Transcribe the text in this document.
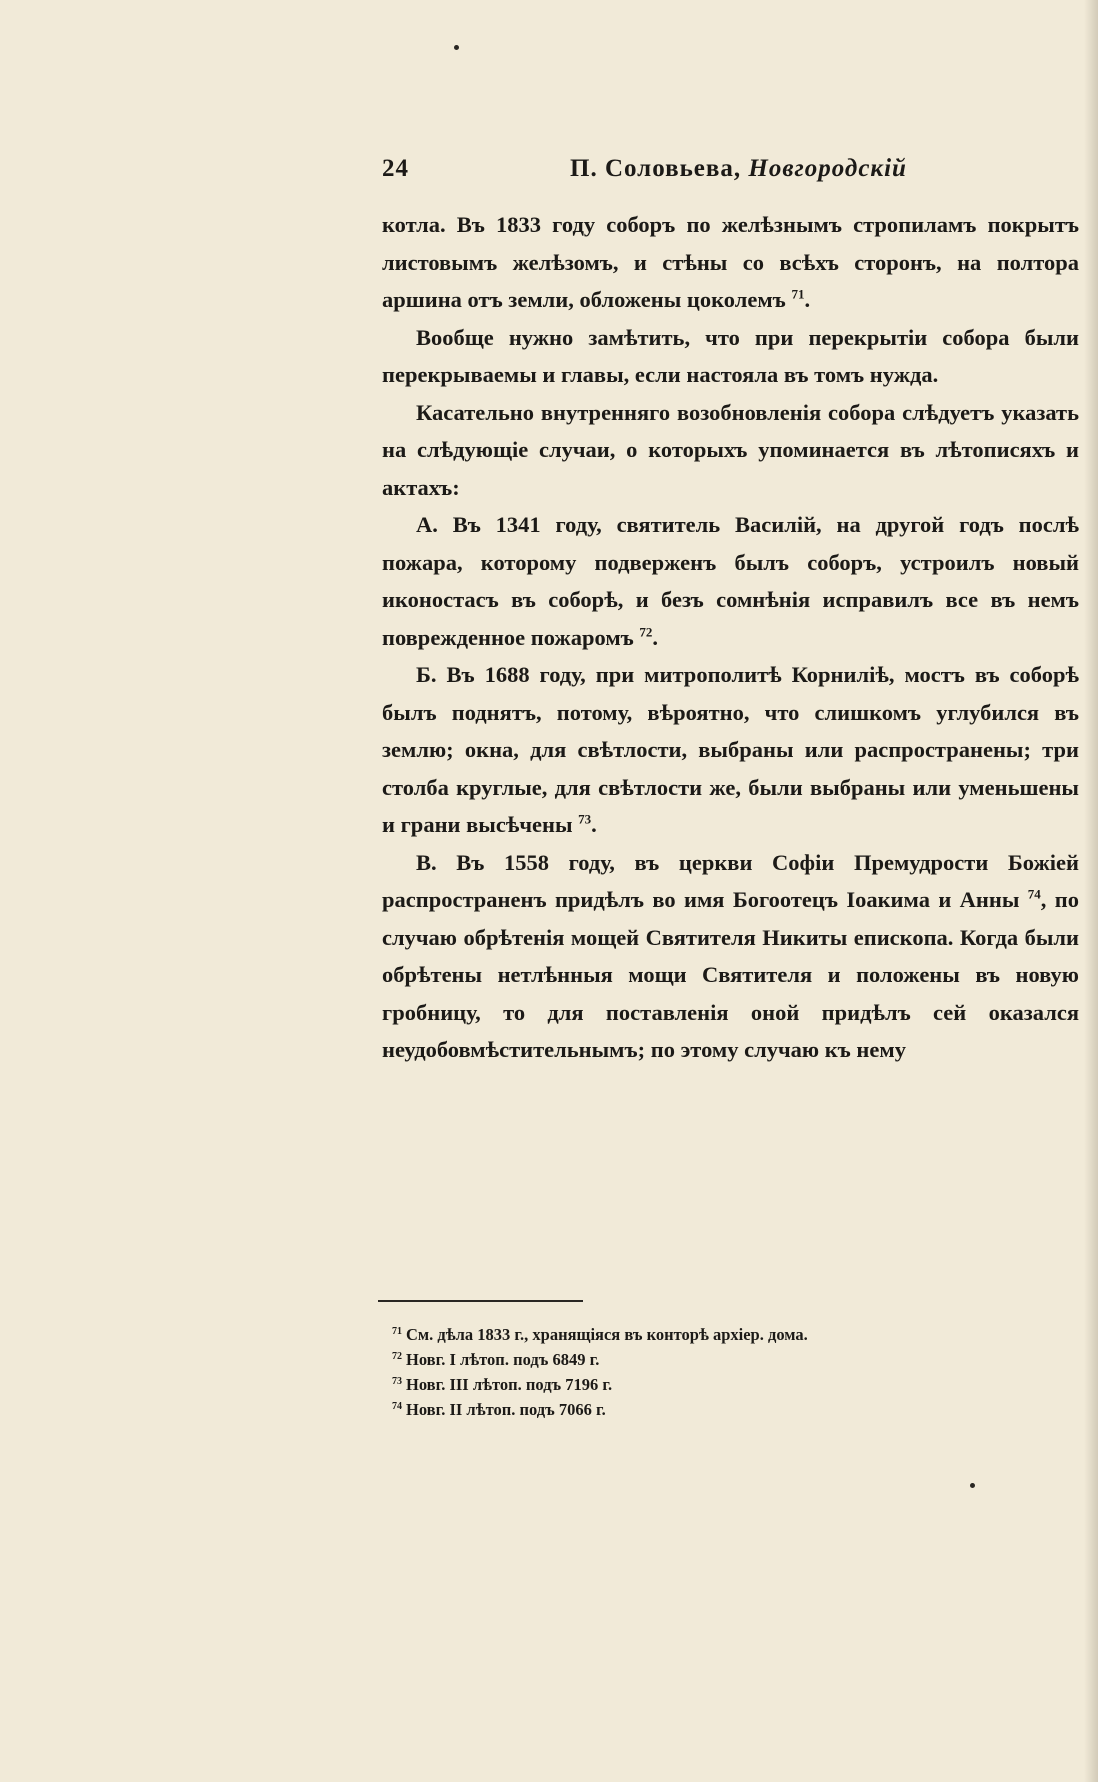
24	П. Соловьева, Новгородскій

котла. Въ 1833 году соборъ по желѣзнымъ стропиламъ покрытъ листовымъ желѣзомъ, и стѣны со всѣхъ сторонъ, на полтора аршина отъ земли, обложены цоколемъ $^{71}$.

Вообще нужно замѣтить, что при перекрытіи собора были перекрываемы и главы, если настояла въ томъ нужда.

Касательно внутренняго возобновленія собора слѣдуетъ указать на слѣдующіе случаи, о которыхъ упоминается въ лѣтописяхъ и актахъ:

А. Въ 1341 году, святитель Василій, на другой годъ послѣ пожара, которому подверженъ былъ соборъ, устроилъ новый иконостасъ въ соборѣ, и безъ сомнѣнія исправилъ все въ немъ поврежденное пожаромъ $^{72}$.

Б. Въ 1688 году, при митрополитѣ Корниліѣ, мостъ въ соборѣ былъ поднятъ, потому, вѣроятно, что слишкомъ углубился въ землю; окна, для свѣтлости, выбраны или распространены; три столба круглые, для свѣтлости же, были выбраны или уменьшены и грани высѣчены $^{73}$.

В. Въ 1558 году, въ церкви Софіи Премудрости Божіей распространенъ придѣлъ во имя Богоотецъ Іоакима и Анны $^{74}$, по случаю обрѣтенія мощей Святителя Никиты епископа. Когда были обрѣтены нетлѣнныя мощи Святителя и положены въ новую гробницу, то для поставленія оной придѣлъ сей оказался неудобовмѣстительнымъ; по этому случаю къ нему

$^{71}$ См. дѣла 1833 г., хранящіяся въ конторѣ архіер. дома.
$^{72}$ Новг. I лѣтоп. подъ 6849 г.
$^{73}$ Новг. III лѣтоп. подъ 7196 г.
$^{74}$ Новг. II лѣтоп. подъ 7066 г.
